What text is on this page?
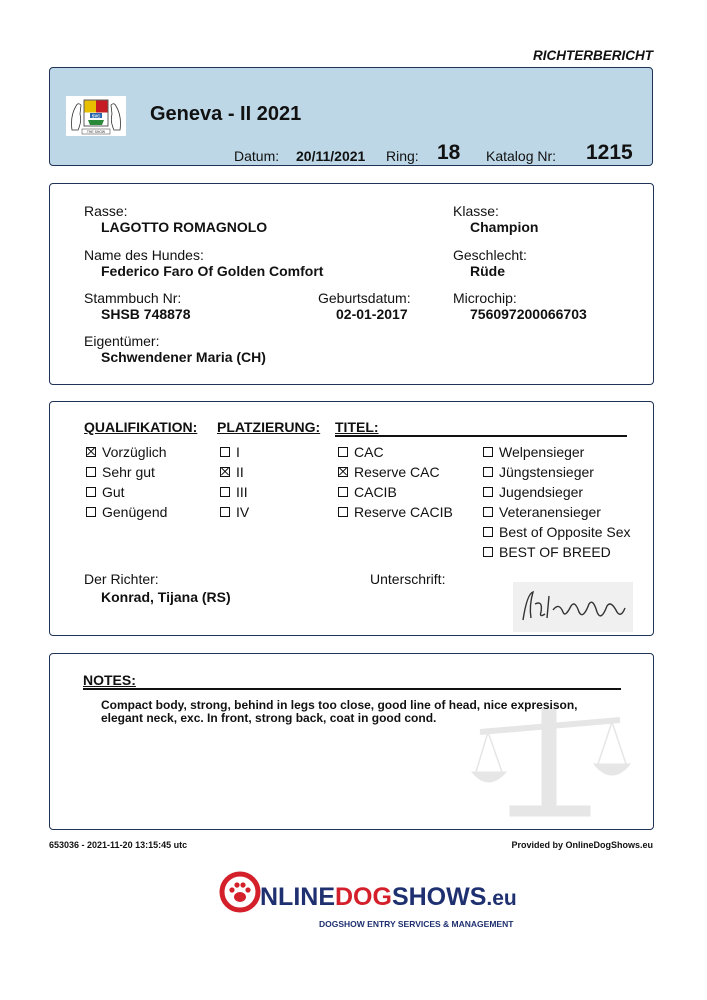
RICHTERBERICHT
SVC
THE SHOW
Geneva - II 2021
Datum: 20/11/2021 Ring: 18 Katalog Nr: 1215
Rasse:
LAGOTTO ROMAGNOLO
Klasse:
Champion
Name des Hundes:
Federico Faro Of Golden Comfort
Geschlecht:
Rüde
Stammbuch Nr:
SHSB 748878
Geburtsdatum:
02-01-2017
Microchip:
756097200066703
Eigentümer:
Schwendener Maria (CH)
QUALIFIKATION: PLATZIERUNG: TITEL:
Vorzüglich
Sehr gut
Gut
Genügend
I
II
III
IV
CAC
Reserve CAC
CACIB
Reserve CACIB
Welpensieger
Jüngstensieger
Jugendsieger
Veteranensieger
Best of Opposite Sex
BEST OF BREED
Der Richter:
Konrad, Tijana (RS)
Unterschrift:
NOTES:
Compact body, strong, behind in legs too close, good line of head, nice expresison, elegant neck, exc. In front, strong back, coat in good cond.
653036 - 2021-11-20 13:15:45 utc	Provided by OnlineDogShows.eu
NLINEDOGSHOWS.eu
DOGSHOW ENTRY SERVICES & MANAGEMENT
